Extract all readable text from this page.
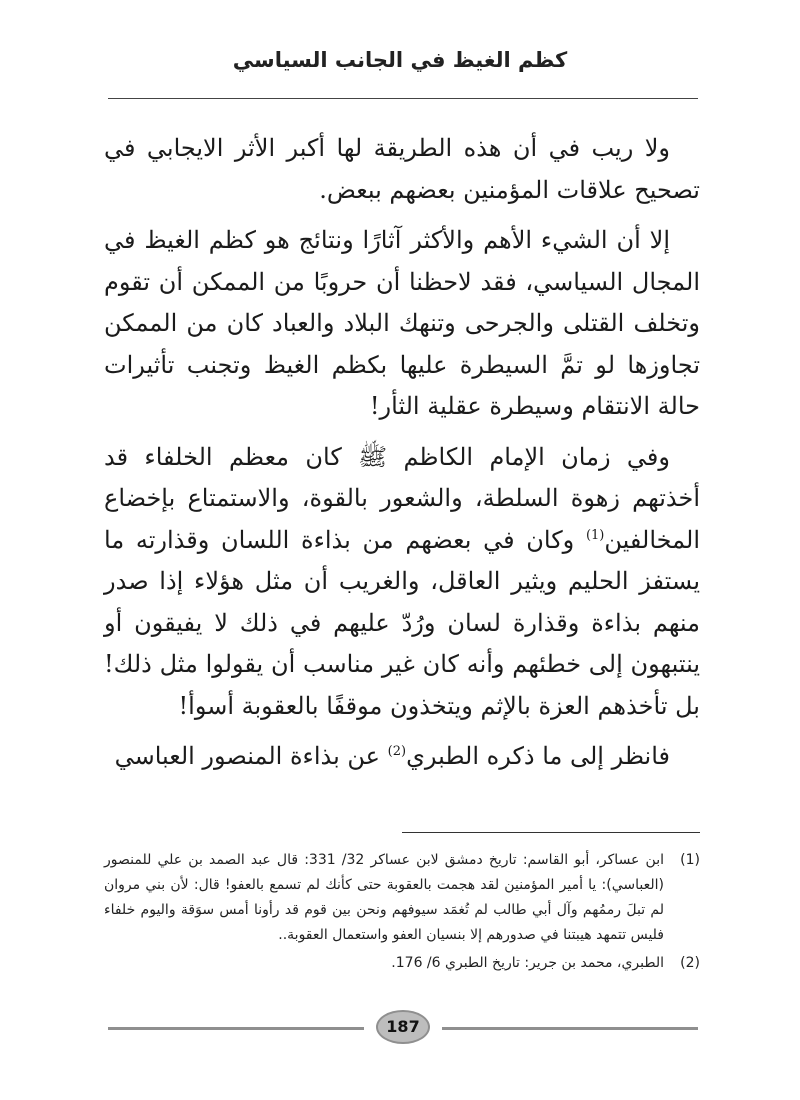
كظم الغيظ في الجانب السياسي

ولا ريب في أن هذه الطريقة لها أكبر الأثر الايجابي في تصحيح علاقات المؤمنين بعضهم ببعض.

إلا أن الشيء الأهم والأكثر آثارًا ونتائج هو كظم الغيظ في المجال السياسي، فقد لاحظنا أن حروبًا من الممكن أن تقوم وتخلف القتلى والجرحى وتنهك البلاد والعباد كان من الممكن تجاوزها لو تمَّ السيطرة عليها بكظم الغيظ وتجنب تأثيرات حالة الانتقام وسيطرة عقلية الثأر!

وفي زمان الإمام الكاظم ﷺ كان معظم الخلفاء قد أخذتهم زهوة السلطة، والشعور بالقوة، والاستمتاع بإخضاع المخالفين$^{(1)}$ وكان في بعضهم من بذاءة اللسان وقذارته ما يستفز الحليم ويثير العاقل، والغريب أن مثل هؤلاء إذا صدر منهم بذاءة وقذارة لسان ورُدّ عليهم في ذلك لا يفيقون أو ينتبهون إلى خطئهم وأنه كان غير مناسب أن يقولوا مثل ذلك! بل تأخذهم العزة بالإثم ويتخذون موقفًا بالعقوبة أسوأ!

فانظر إلى ما ذكره الطبري$^{(2)}$ عن بذاءة المنصور العباسي

(1)
ابن عساكر، أبو القاسم: تاريخ دمشق لابن عساكر 32/ 331: قال عبد الصمد بن علي للمنصور (العباسي): يا أمير المؤمنين لقد هجمت بالعقوبة حتى كأنك لم تسمع بالعفو! قال: لأن بني مروان لم تبلَ رممُهم وآل أبي طالب لم تُغمَد سيوفهم ونحن بين قوم قد رأونا أمس سوَقة واليوم خلفاء فليس تتمهد هيبتنا في صدورهم إلا بنسيان العفو واستعمال العقوبة..
(2)
الطبري، محمد بن جرير: تاريخ الطبري 6/ 176.
187
